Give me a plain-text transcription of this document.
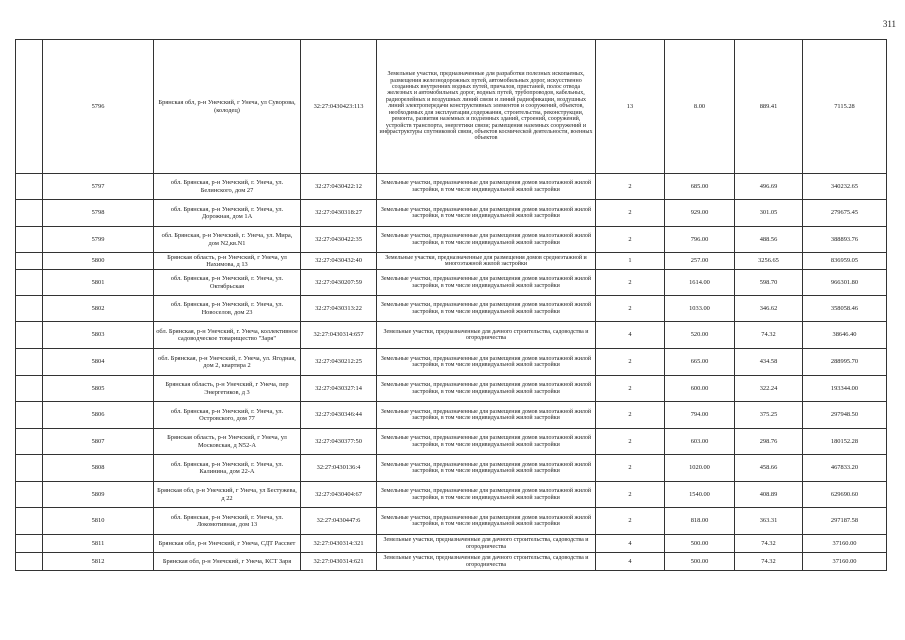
311
	5796	Брянская обл, р-н Унечский, г Унеча, ул Суворова, (колодец)	32:27:0430423:113	Земельные участки, предназначенные для разработки полезных ископаемых, размещения железнодорожных путей, автомобильных дорог, искусственно созданных внутренних водных путей, причалов, пристаней, полос отвода железных и автомобильных дорог, водных путей, трубопроводов, кабельных, радиорелейных и воздушных линий связи и линий радиофикации, воздушных линий электропередачи конструктивных элементов и сооружений, объектов, необходимых для эксплуатации,содержания, строительства, реконструкции, ремонта, развития наземных и подземных зданий, строений, сооружений, устройств транспорта, энергетики связи; размещения наземных сооружений и инфраструктуры спутниковой связи, объектов космической деятельности, военных объектов	13	8.00	889.41	7115.28
	5797	обл. Брянская, р-н Унечский, г. Унеча, ул. Белинского, дом 27	32:27:0430422:12	Земельные участки, предназначенные для размещения домов малоэтажной жилой застройки, в том числе индивидуальной жилой застройки	2	685.00	496.69	340232.65
	5798	обл. Брянская, р-н Унечский, г. Унеча, ул. Дорожная, дом 1А	32:27:0430318:27	Земельные участки, предназначенные для размещения домов малоэтажной жилой застройки, в том числе индивидуальной жилой застройки	2	929.00	301.05	279675.45
	5799	обл. Брянская, р-н Унечский, г. Унеча, ул. Мира, дом N2,кв.N1	32:27:0430422:35	Земельные участки, предназначенные для размещения домов малоэтажной жилой застройки, в том числе индивидуальной жилой застройки	2	796.00	488.56	388893.76
	5800	Брянская область, р-н Унечский, г Унеча, ул Нахимова, д 13	32:27:0430432:40	Земельные участки, предназначенные для размещения домов среднеэтажной и многоэтажной жилой застройки	1	257.00	3256.65	836959.05
	5801	обл. Брянская, р-н Унечский, г. Унеча, ул. Октябрьская	32:27:0430207:59	Земельные участки, предназначенные для размещения домов малоэтажной жилой застройки, в том числе индивидуальной жилой застройки	2	1614.00	598.70	966301.80
	5802	обл. Брянская, р-н Унечский, г. Унеча, ул. Новоселов, дом 23	32:27:0430313:22	Земельные участки, предназначенные для размещения домов малоэтажной жилой застройки, в том числе индивидуальной жилой застройки	2	1033.00	346.62	358058.46
	5803	обл. Брянская, р-н Унечский, г. Унеча, коллективное садоводческое товарищество "Заря"	32:27:0430314:657	Земельные участки, предназначенные для дачного строительства, садоводства и огородничества	4	520.00	74.32	38646.40
	5804	обл. Брянская, р-н Унечский, г. Унеча, ул. Ягодная, дом 2, квартира 2	32:27:0430212:25	Земельные участки, предназначенные для размещения домов малоэтажной жилой застройки, в том числе индивидуальной жилой застройки	2	665.00	434.58	288995.70
	5805	Брянская область, р-н Унечский, г Унеча, пер Энергетиков, д 3	32:27:0430327:14	Земельные участки, предназначенные для размещения домов малоэтажной жилой застройки, в том числе индивидуальной жилой застройки	2	600.00	322.24	193344.00
	5806	обл. Брянская, р-н Унечский, г. Унеча, ул. Островского, дом 77	32:27:0430346:44	Земельные участки, предназначенные для размещения домов малоэтажной жилой застройки, в том числе индивидуальной жилой застройки	2	794.00	375.25	297948.50
	5807	Брянская область, р-н Унечский, г Унеча, ул Московская, д N52-А	32:27:0430377:50	Земельные участки, предназначенные для размещения домов малоэтажной жилой застройки, в том числе индивидуальной жилой застройки	2	603.00	298.76	180152.28
	5808	обл. Брянская, р-н Унечский, г. Унеча, ул. Калинина, дом 22-А	32:27:0430136:4	Земельные участки, предназначенные для размещения домов малоэтажной жилой застройки, в том числе индивидуальной жилой застройки	2	1020.00	458.66	467833.20
	5809	Брянская обл, р-н Унечский, г Унеча, ул Бестужева, д 22	32:27:0430404:67	Земельные участки, предназначенные для размещения домов малоэтажной жилой застройки, в том числе индивидуальной жилой застройки	2	1540.00	408.89	629690.60
	5810	обл. Брянская, р-н Унечский, г. Унеча, ул. Локомотивная, дом 13	32:27:0430447:6	Земельные участки, предназначенные для размещения домов малоэтажной жилой застройки, в том числе индивидуальной жилой застройки	2	818.00	363.31	297187.58
	5811	Брянская обл, р-н Унечский, г Унеча, СДТ Рассвет	32:27:0430314:321	Земельные участки, предназначенные для дачного строительства, садоводства и огородничества	4	500.00	74.32	37160.00
	5812	Брянская обл, р-н Унечский, г Унеча, КСТ Заря	32:27:0430314:621	Земельные участки, предназначенные для дачного строительства, садоводства и огородничества	4	500.00	74.32	37160.00
